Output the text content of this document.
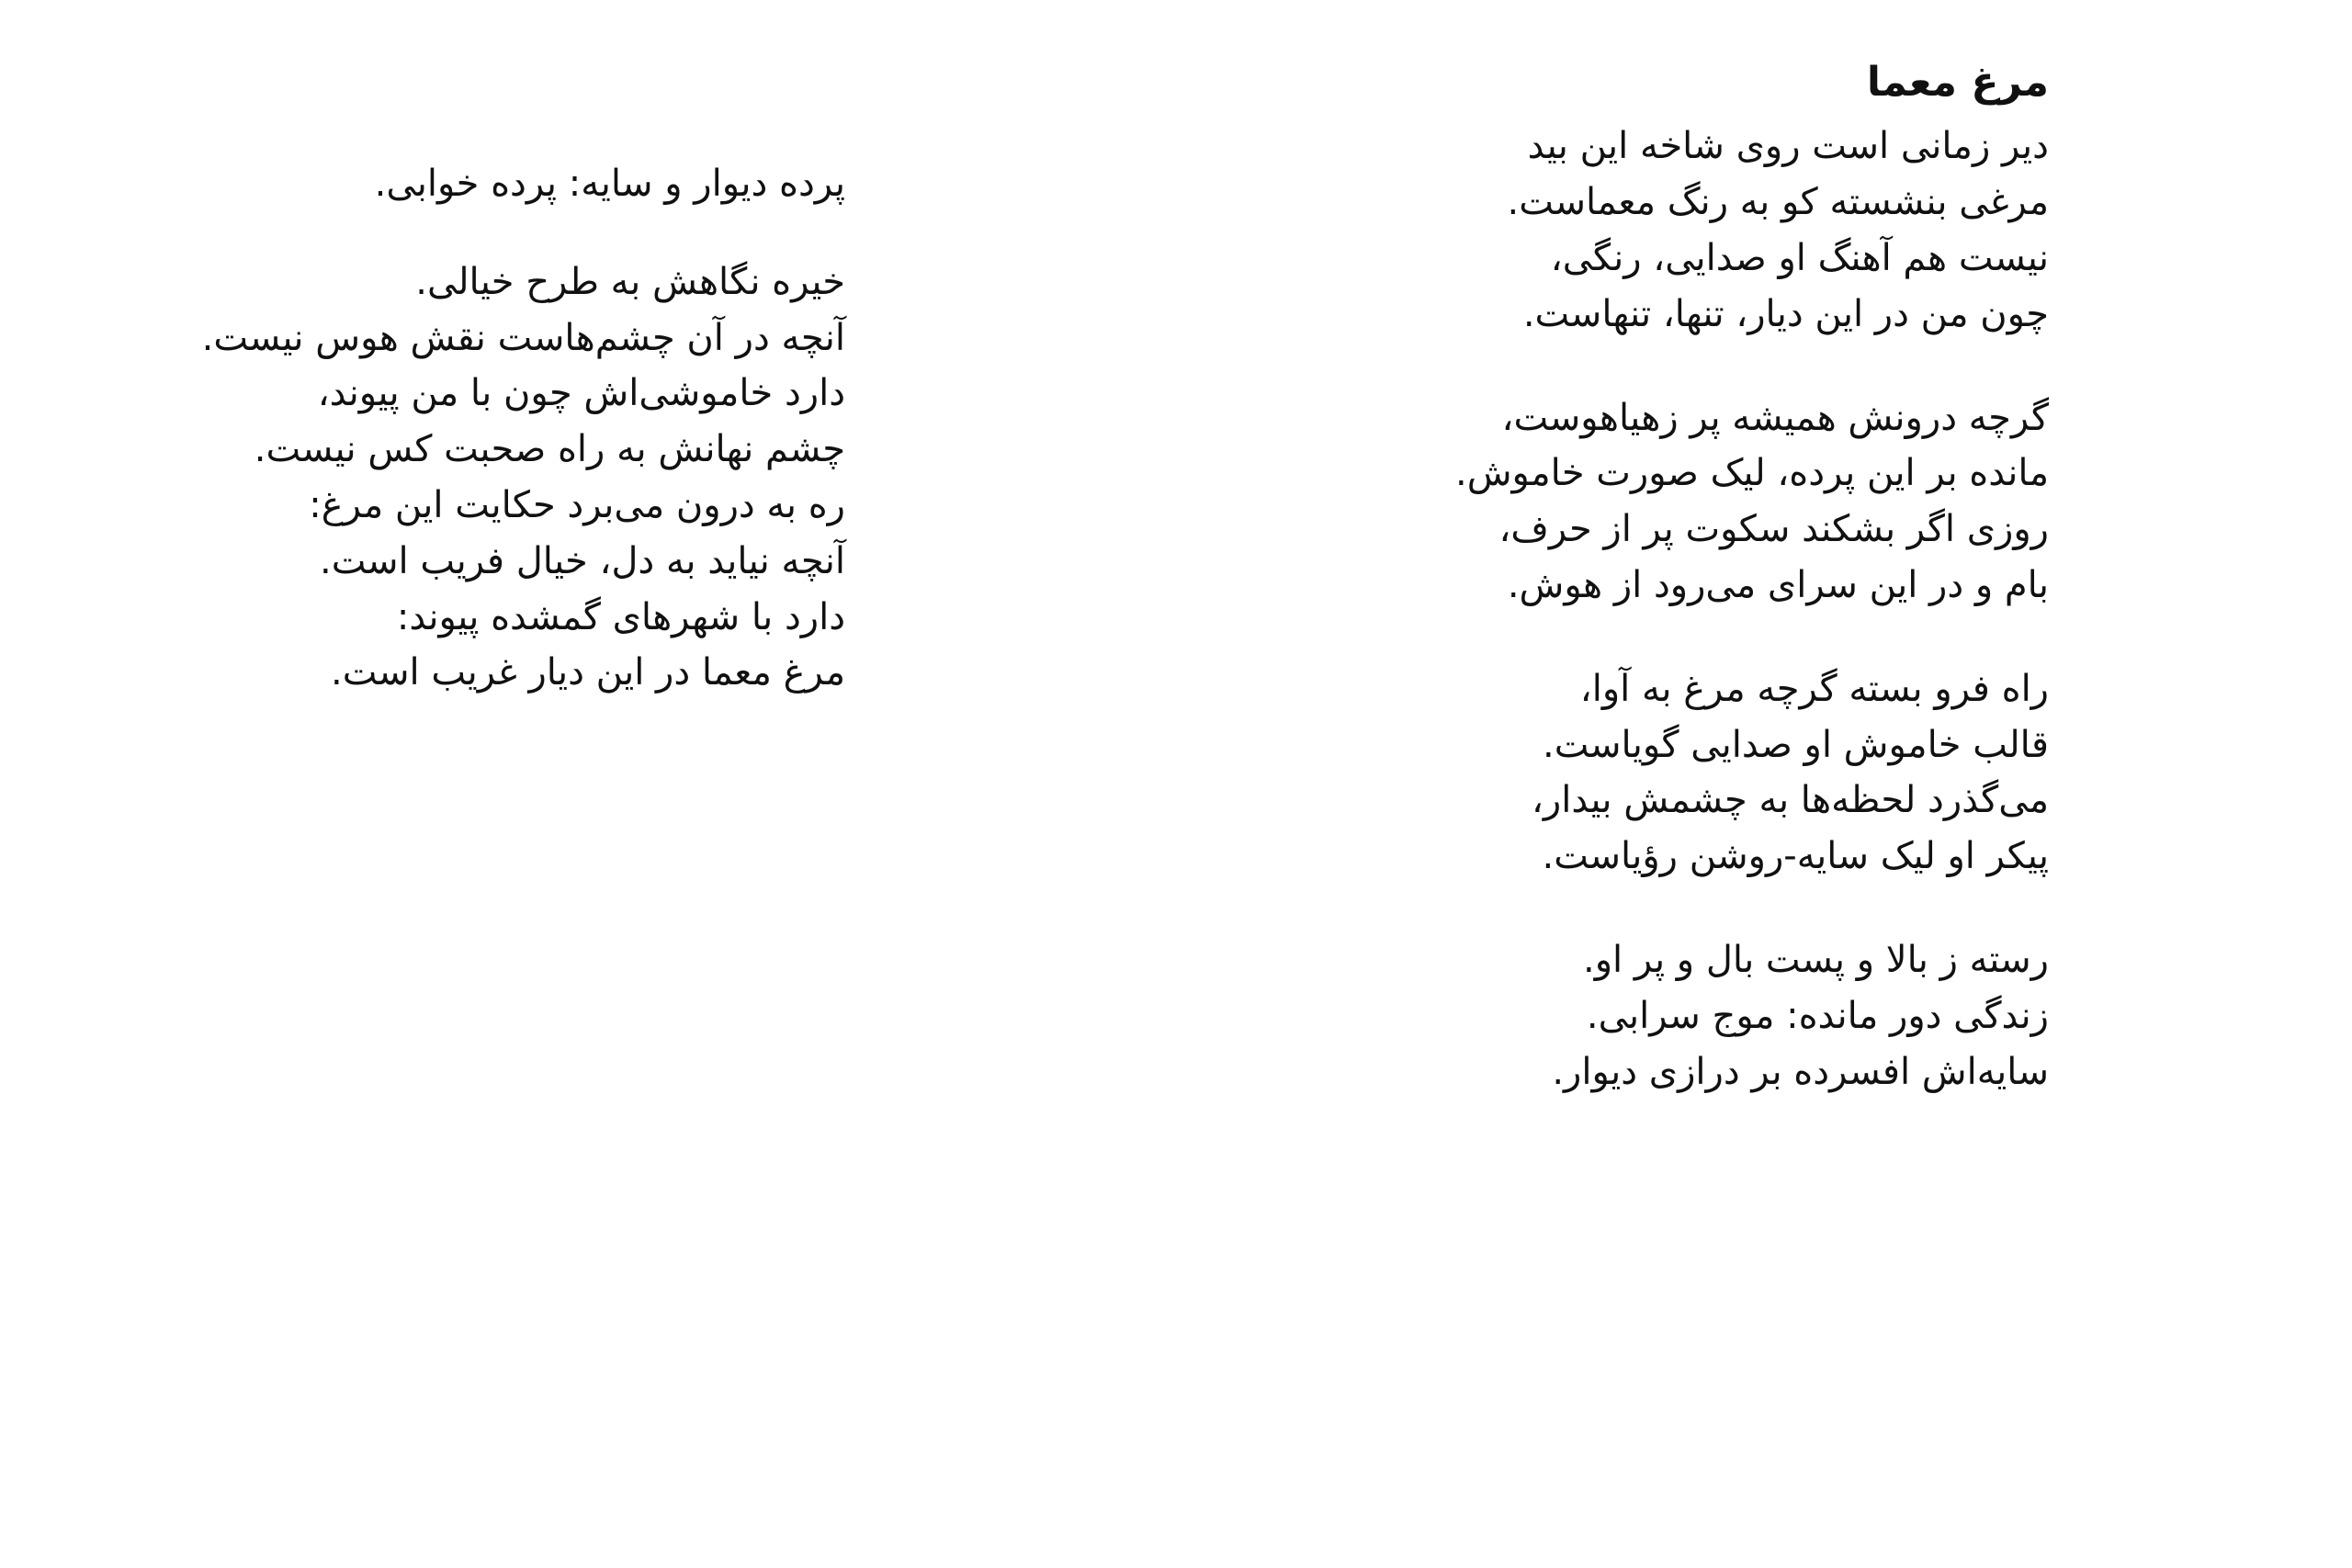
مرغ معما
دیر زمانی است روی شاخه این بید
مرغی بنشسته کو به رنگ معماست.
نیست هم آهنگ او صدایی، رنگی،
چون من در این دیار، تنها، تنهاست.
گرچه درونش همیشه پر زهیاهوست،
مانده بر این پرده، لیک صورت خاموش.
روزی اگر بشکند سکوت پر از حرف،
بام و در این سرای می‌رود از هوش.
راه فرو بسته گرچه مرغ به آوا،
قالب خاموش او صدایی گویاست.
می‌گذرد لحظه‌ها به چشمش بیدار،
پیکر او لیک سایه-روشن رؤیاست.
رسته ز بالا و پست بال و پر او.
زندگی دور مانده: موج سرابی.
سایه‌اش افسرده بر درازی دیوار.
پرده دیوار و سایه: پرده خوابی.
خیره نگاهش به طرح خیالی.
آنچه در آن چشم‌هاست نقش هوس نیست.
دارد خاموشی‌اش چون با من پیوند،
چشم نهانش به راه صحبت کس نیست.
ره به درون می‌برد حکایت این مرغ:
آنچه نیاید به دل، خیال فریب است.
دارد با شهرهای گمشده پیوند:
مرغ معما در این دیار غریب است.
